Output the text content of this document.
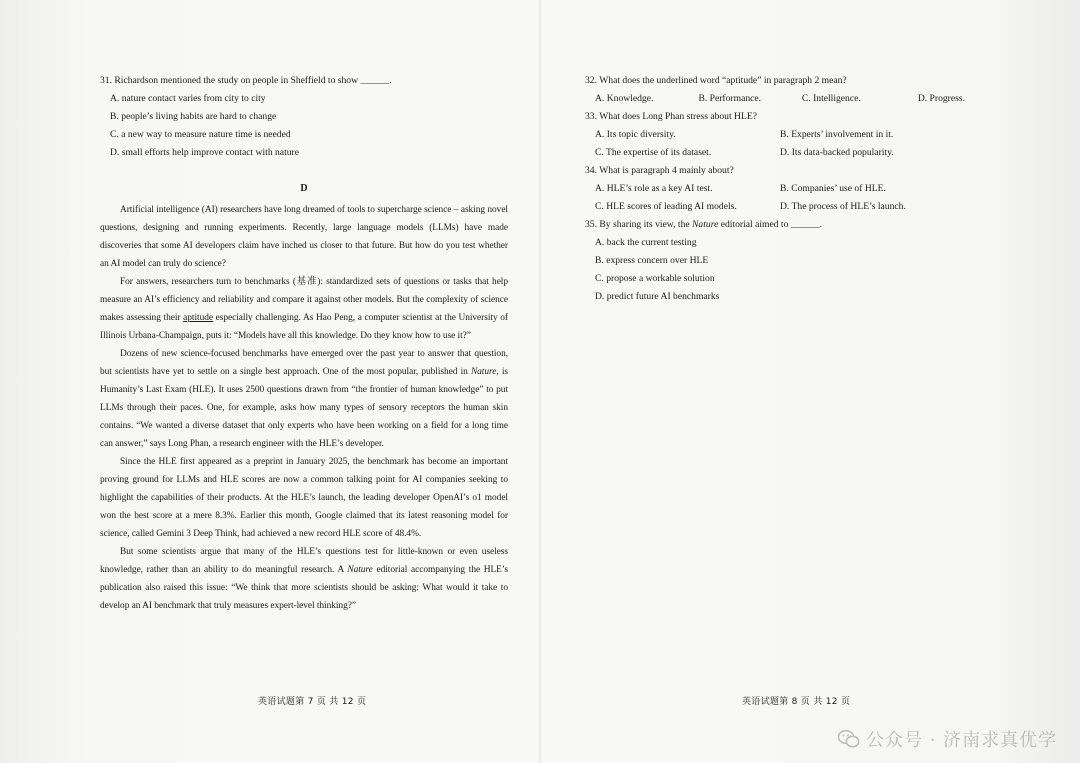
31. Richardson mentioned the study on people in Sheffield to show ______.

A. nature contact varies from city to city

B. people’s living habits are hard to change

C. a new way to measure nature time is needed

D. small efforts help improve contact with nature

D

Artificial intelligence (AI) researchers have long dreamed of tools to supercharge science – asking novel questions, designing and running experiments. Recently, large language models (LLMs) have made discoveries that some AI developers claim have inched us closer to that future. But how do you test whether an AI model can truly do science?

For answers, researchers turn to benchmarks (基准): standardized sets of questions or tasks that help measure an AI’s efficiency and reliability and compare it against other models. But the complexity of science makes assessing their aptitude especially challenging. As Hao Peng, a computer scientist at the University of Illinois Urbana-Champaign, puts it: “Models have all this knowledge. Do they know how to use it?”

Dozens of new science-focused benchmarks have emerged over the past year to answer that question, but scientists have yet to settle on a single best approach. One of the most popular, published in Nature, is Humanity’s Last Exam (HLE). It uses 2500 questions drawn from “the frontier of human knowledge” to put LLMs through their paces. One, for example, asks how many types of sensory receptors the human skin contains. “We wanted a diverse dataset that only experts who have been working on a field for a long time can answer,” says Long Phan, a research engineer with the HLE’s developer.

Since the HLE first appeared as a preprint in January 2025, the benchmark has become an important proving ground for LLMs and HLE scores are now a common talking point for AI companies seeking to highlight the capabilities of their products. At the HLE’s launch, the leading developer OpenAI’s o1 model won the best score at a mere 8.3%. Earlier this month, Google claimed that its latest reasoning model for science, called Gemini 3 Deep Think, had achieved a new record HLE score of 48.4%.

But some scientists argue that many of the HLE’s questions test for little-known or even useless knowledge, rather than an ability to do meaningful research. A Nature editorial accompanying the HLE’s publication also raised this issue: “We think that more scientists should be asking: What would it take to develop an AI benchmark that truly measures expert-level thinking?”

32. What does the underlined word “aptitude” in paragraph 2 mean?

A. Knowledge.	B. Performance.	C. Intelligence.	D. Progress.

33. What does Long Phan stress about HLE?

A. Its topic diversity.	B. Experts’ involvement in it.
C. The expertise of its dataset.	D. Its data-backed popularity.

34. What is paragraph 4 mainly about?

A. HLE’s role as a key AI test.	B. Companies’ use of HLE.
C. HLE scores of leading AI models.	D. The process of HLE’s launch.

35. By sharing its view, the Nature editorial aimed to ______.

A. back the current testing

B. express concern over HLE

C. propose a workable solution

D. predict future AI benchmarks

英语试题第 7 页 共 12 页	英语试题第 8 页 共 12 页
公众号 · 济南求真优学
